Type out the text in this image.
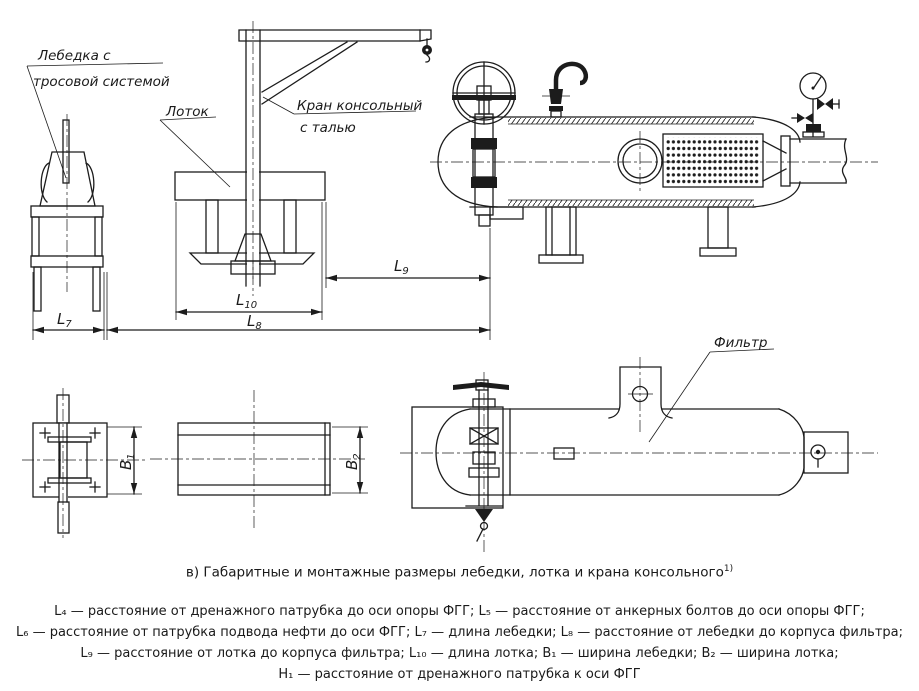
$L_9$
$L_{10}$
$L_7$	$L_8$
$B_1$
$B_2$
Лебедка с
тросовой системой
Лоток	Кран консольный
с талью
Фильтр
в) Габаритные и монтажные размеры лебедки, лотка и крана консольного$^{1)}$
L₄ — расстояние от дренажного патрубка до оси опоры ФГГ; L₅ — расстояние от анкерных болтов до оси опоры ФГГ;
L₆ — расстояние от патрубка подвода нефти до оси ФГГ; L₇ — длина лебедки; L₈ — расстояние от лебедки до корпуса фильтра;
L₉ — расстояние от лотка до корпуса фильтра; L₁₀ — длина лотка; B₁ — ширина лебедки; B₂ — ширина лотка;
H₁ — расстояние от дренажного патрубка к оси ФГГ
